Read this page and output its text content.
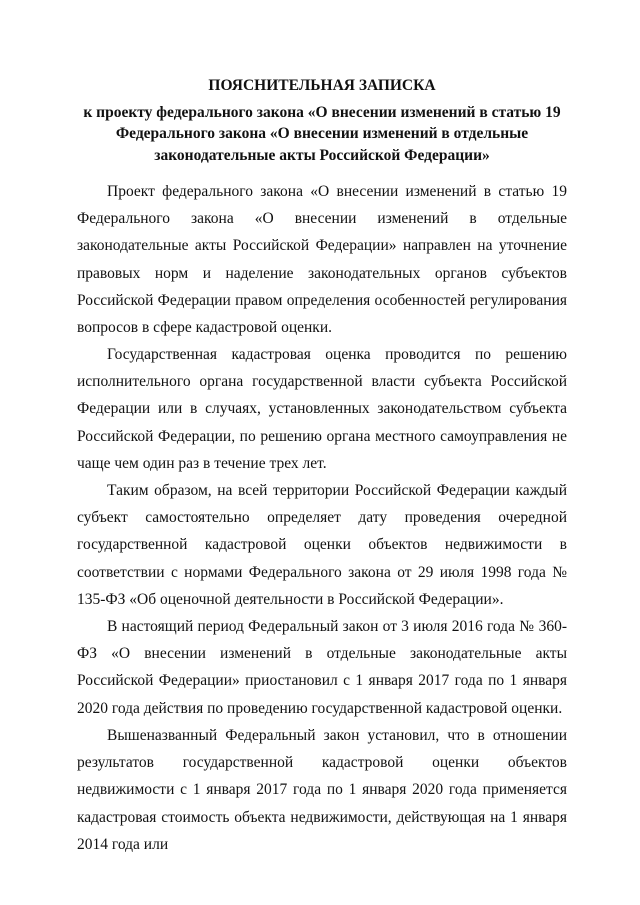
ПОЯСНИТЕЛЬНАЯ ЗАПИСКА
к проекту федерального закона «О внесении изменений в статью 19
Федерального закона «О внесении изменений в отдельные
законодательные акты Российской Федерации»

Проект федерального закона «О внесении изменений в статью 19 Федерального закона «О внесении изменений в отдельные законодательные акты Российской Федерации» направлен на уточнение правовых норм и наделение законодательных органов субъектов Российской Федерации правом определения особенностей регулирования вопросов в сфере кадастровой оценки.

Государственная кадастровая оценка проводится по решению исполнительного органа государственной власти субъекта Российской Федерации или в случаях, установленных законодательством субъекта Российской Федерации, по решению органа местного самоуправления не чаще чем один раз в течение трех лет.

Таким образом, на всей территории Российской Федерации каждый субъект самостоятельно определяет дату проведения очередной государственной кадастровой оценки объектов недвижимости в соответствии с нормами Федерального закона от 29 июля 1998 года № 135-ФЗ «Об оценочной деятельности в Российской Федерации».

В настоящий период Федеральный закон от 3 июля 2016 года № 360-ФЗ «О внесении изменений в отдельные законодательные акты Российской Федерации» приостановил с 1 января 2017 года по 1 января 2020 года действия по проведению государственной кадастровой оценки.

Вышеназванный Федеральный закон установил, что в отношении результатов государственной кадастровой оценки объектов недвижимости с 1 января 2017 года по 1 января 2020 года применяется кадастровая стоимость объекта недвижимости, действующая на 1 января 2014 года или
